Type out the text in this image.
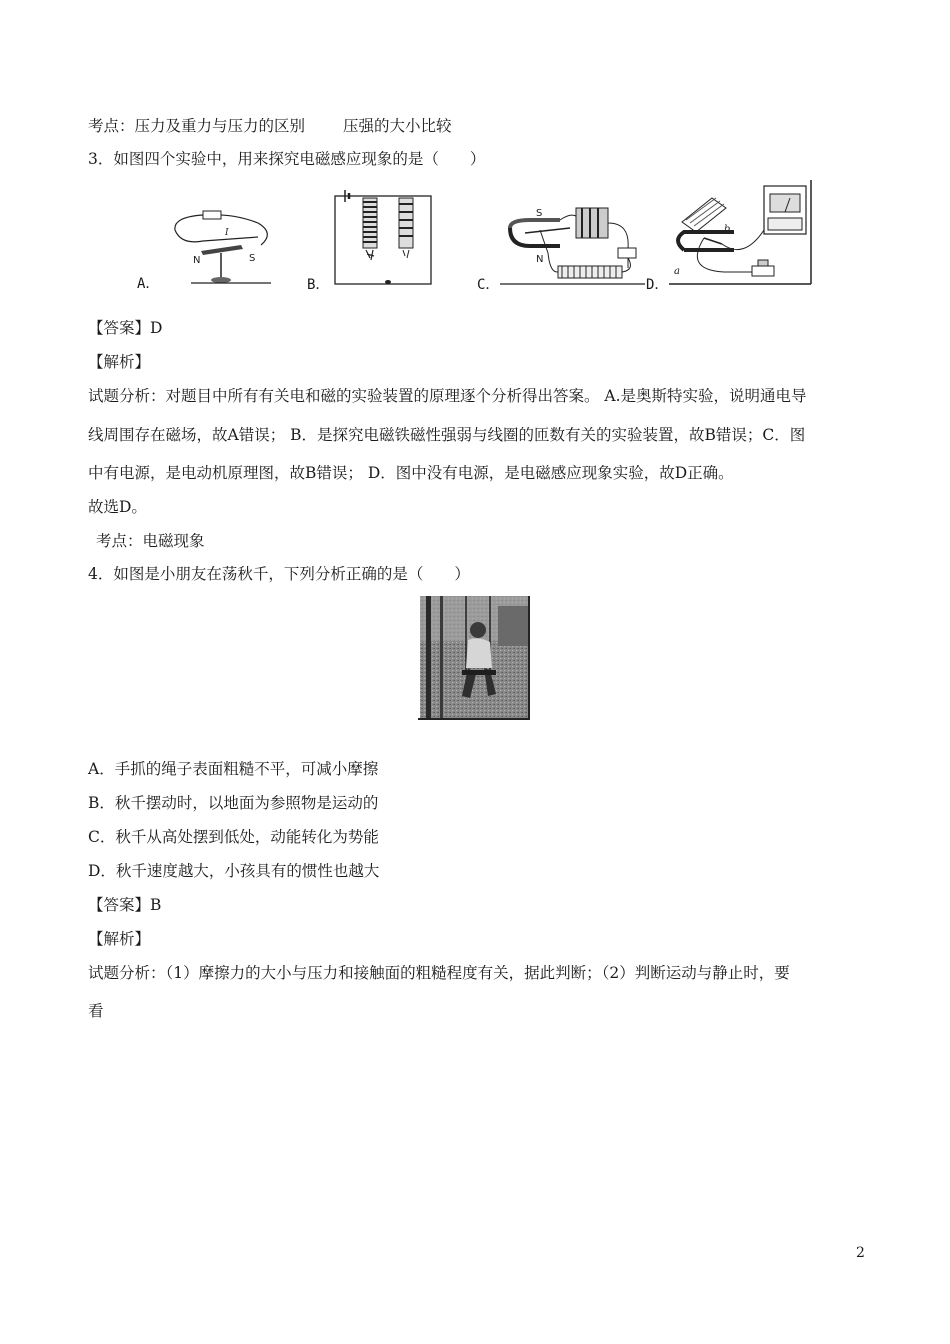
考点：压力及重力与压力的区别 压强的大小比较
3．如图四个实验中，用来探究电磁感应现象的是（　　）
A．
N	S
I
B．	C．
S
N
D．
a
b
【答案】D
【解析】
试题分析：对题目中所有有关电和磁的实验装置的原理逐个分析得出答案。 A.是奥斯特实验，说明通电导
线周围存在磁场，故A错误； B．是探究电磁铁磁性强弱与线圈的匝数有关的实验装置，故B错误；C．图
中有电源，是电动机原理图，故B错误； D．图中没有电源，是电磁感应现象实验，故D正确。
故选D。
考点：电磁现象
4．如图是小朋友在荡秋千，下列分析正确的是（　　）
A．手抓的绳子表面粗糙不平，可减小摩擦
B．秋千摆动时，以地面为参照物是运动的
C．秋千从高处摆到低处，动能转化为势能
D．秋千速度越大，小孩具有的惯性也越大
【答案】B
【解析】
试题分析：（1）摩擦力的大小与压力和接触面的粗糙程度有关，据此判断；（2）判断运动与静止时，要
看
2
